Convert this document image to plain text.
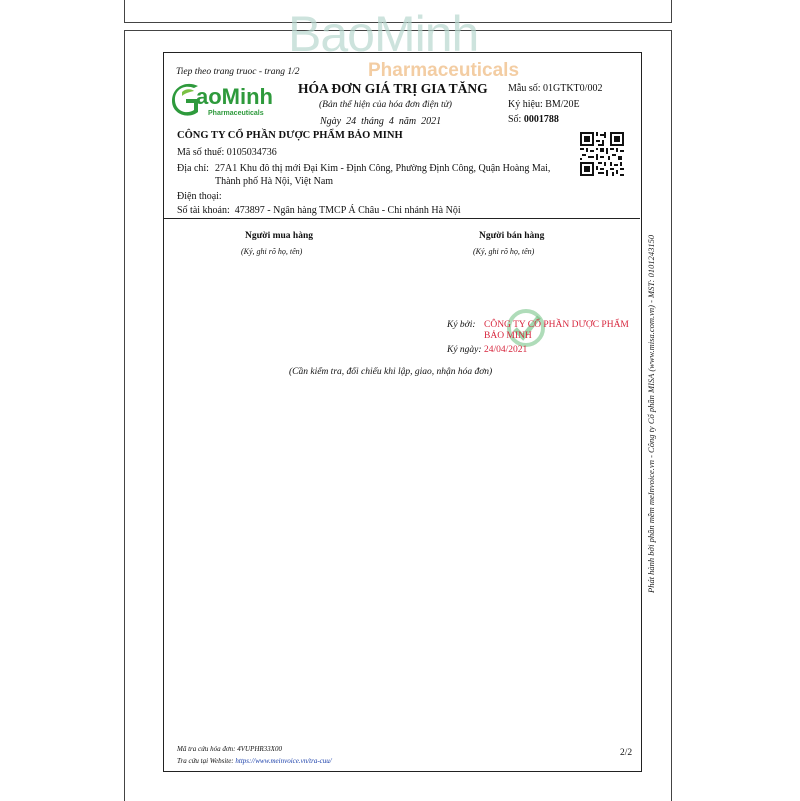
BaoMinh
Tiep theo trang truoc - trang 1/2	Pharmaceuticals
aoMinh
Pharmaceuticals
HÓA ĐƠN GIÁ TRỊ GIA TĂNG
(Bản thể hiện của hóa đơn điện tử)
Ngày 24 tháng 4 năm 2021
Mẫu số: 01GTKT0/002
Ký hiệu: BM/20E
Số: 0001788
CÔNG TY CỔ PHẦN DƯỢC PHẨM BẢO MINH
Mã số thuế: 0105034736
Địa chỉ: 27A1 Khu đô thị mới Đại Kim - Định Công, Phường Định Công, Quận Hoàng Mai,
Thành phố Hà Nội, Việt Nam
Điện thoại:
Số tài khoản: 473897 - Ngân hàng TMCP Á Châu - Chi nhánh Hà Nội
Người mua hàng
(Ký, ghi rõ họ, tên)
Người bán hàng
(Ký, ghi rõ họ, tên)
Ký bởi: CÔNG TY CỔ PHẦN DƯỢC PHẨM
BẢO MINH
Ký ngày: 24/04/2021
(Cần kiểm tra, đối chiếu khi lập, giao, nhận hóa đơn)
Mã tra cứu hóa đơn: 4VUPHR33X00
Tra cứu tại Website: https://www.meinvoice.vn/tra-cuu/
2/2
Phát hành bởi phần mềm meInvoice.vn - Công ty Cổ phần MISA (www.misa.com.vn) - MST: 0101243150
